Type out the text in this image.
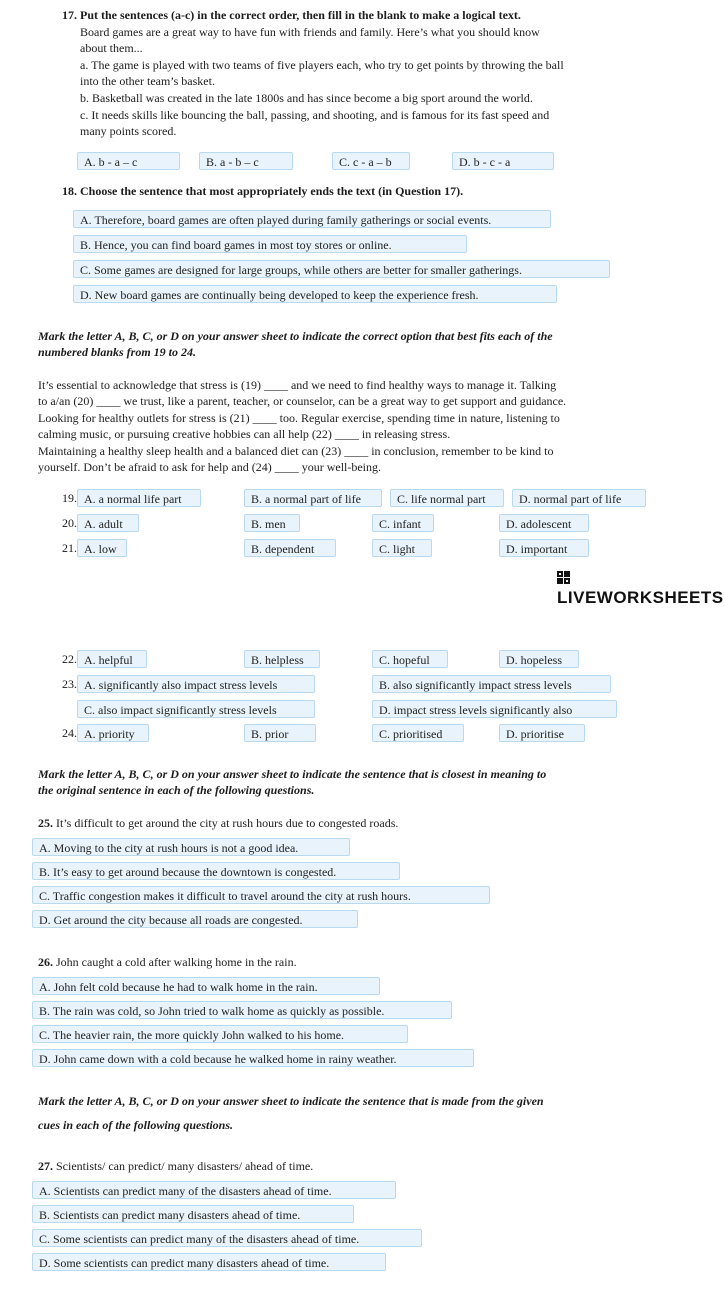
17. Put the sentences (a-c) in the correct order, then fill in the blank to make a logical text.
Board games are a great way to have fun with friends and family. Here’s what you should know
about them...
a. The game is played with two teams of five players each, who try to get points by throwing the ball
into the other team’s basket.
b. Basketball was created in the late 1800s and has since become a big sport around the world.
c. It needs skills like bouncing the ball, passing, and shooting, and is famous for its fast speed and
many points scored.
A. b - a – c	B. a - b – c	C. c - a – b	D. b - c - a
18. Choose the sentence that most appropriately ends the text (in Question 17).
A. Therefore, board games are often played during family gatherings or social events.
B. Hence, you can find board games in most toy stores or online.
C. Some games are designed for large groups, while others are better for smaller gatherings.
D. New board games are continually being developed to keep the experience fresh.
Mark the letter A, B, C, or D on your answer sheet to indicate the correct option that best fits each of the
numbered blanks from 19 to 24.
It’s essential to acknowledge that stress is (19) ____ and we need to find healthy ways to manage it. Talking
to a/an (20) ____ we trust, like a parent, teacher, or counselor, can be a great way to get support and guidance.
Looking for healthy outlets for stress is (21) ____ too. Regular exercise, spending time in nature, listening to
calming music, or pursuing creative hobbies can all help (22) ____ in releasing stress.
Maintaining a healthy sleep health and a balanced diet can (23) ____ in conclusion, remember to be kind to
yourself. Don’t be afraid to ask for help and (24) ____ your well-being.
19. A. a normal life part	B. a normal part of life	C. life normal part	D. normal part of life
20. A. adult	B. men	C. infant	D. adolescent
21. A. low	B. dependent	C. light	D. important
LIVEWORKSHEETS
22. A. helpful	B. helpless	C. hopeful	D. hopeless
23. A. significantly also impact stress levels	B. also significantly impact stress levels
C. also impact significantly stress levels	D. impact stress levels significantly also
24. A. priority	B. prior	C. prioritised	D. prioritise
Mark the letter A, B, C, or D on your answer sheet to indicate the sentence that is closest in meaning to
the original sentence in each of the following questions.
25. It’s difficult to get around the city at rush hours due to congested roads.
A. Moving to the city at rush hours is not a good idea.
B. It’s easy to get around because the downtown is congested.
C. Traffic congestion makes it difficult to travel around the city at rush hours.
D. Get around the city because all roads are congested.
26. John caught a cold after walking home in the rain.
A. John felt cold because he had to walk home in the rain.
B. The rain was cold, so John tried to walk home as quickly as possible.
C. The heavier rain, the more quickly John walked to his home.
D. John came down with a cold because he walked home in rainy weather.
Mark the letter A, B, C, or D on your answer sheet to indicate the sentence that is made from the given
cues in each of the following questions.
27. Scientists/ can predict/ many disasters/ ahead of time.
A. Scientists can predict many of the disasters ahead of time.
B. Scientists can predict many disasters ahead of time.
C. Some scientists can predict many of the disasters ahead of time.
D. Some scientists can predict many disasters ahead of time.
